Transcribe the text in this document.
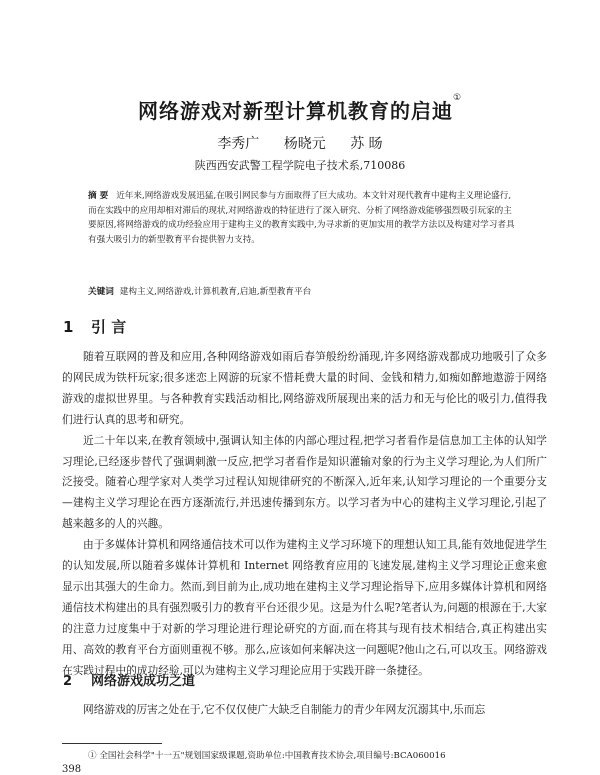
网络游戏对新型计算机教育的启迪①
李秀广 杨晓元 苏 旸
陕西西安武警工程学院电子技术系,710086
摘 要 近年来,网络游戏发展迅猛,在吸引网民参与方面取得了巨大成功。本文针对现代教育中建构主义理论盛行,而在实践中的应用却相对滞后的现状,对网络游戏的特征进行了深入研究、分析了网络游戏能够强烈吸引玩家的主要原因,将网络游戏的成功经验应用于建构主义的教育实践中,为寻求新的更加实用的教学方法以及构建对学习者具有强大吸引力的新型教育平台提供智力支持。
关键词 建构主义,网络游戏,计算机教育,启迪,新型教育平台
1 引 言

随着互联网的普及和应用,各种网络游戏如雨后春笋般纷纷涌现,许多网络游戏都成功地吸引了众多的网民成为铁杆玩家;很多迷恋上网游的玩家不惜耗费大量的时间、金钱和精力,如痴如醉地遨游于网络游戏的虚拟世界里。与各种教育实践活动相比,网络游戏所展现出来的活力和无与伦比的吸引力,值得我们进行认真的思考和研究。

近二十年以来,在教育领域中,强调认知主体的内部心理过程,把学习者看作是信息加工主体的认知学习理论,已经逐步替代了强调刺激一反应,把学习者看作是知识灌输对象的行为主义学习理论,为人们所广泛接受。随着心理学家对人类学习过程认知规律研究的不断深入,近年来,认知学习理论的一个重要分支—建构主义学习理论在西方逐渐流行,并迅速传播到东方。以学习者为中心的建构主义学习理论,引起了越来越多的人的兴趣。

由于多媒体计算机和网络通信技术可以作为建构主义学习环境下的理想认知工具,能有效地促进学生的认知发展,所以随着多媒体计算机和 Internet 网络教育应用的飞速发展,建构主义学习理论正愈来愈显示出其强大的生命力。然而,到目前为止,成功地在建构主义学习理论指导下,应用多媒体计算机和网络通信技术构建出的具有强烈吸引力的教育平台还很少见。这是为什么呢?笔者认为,问题的根源在于,大家的注意力过度集中于对新的学习理论进行理论研究的方面,而在将其与现有技术相结合,真正构建出实用、高效的教育平台方面则重视不够。那么,应该如何来解决这一问题呢?他山之石,可以攻玉。网络游戏在实践过程中的成功经验,可以为建构主义学习理论应用于实践开辟一条捷径。

2 网络游戏成功之道

网络游戏的厉害之处在于,它不仅仅使广大缺乏自制能力的青少年网友沉溺其中,乐而忘

① 全国社会科学"十一五"规划国家级课题,资助单位:中国教育技术协会,项目编号:BCA060016
398
